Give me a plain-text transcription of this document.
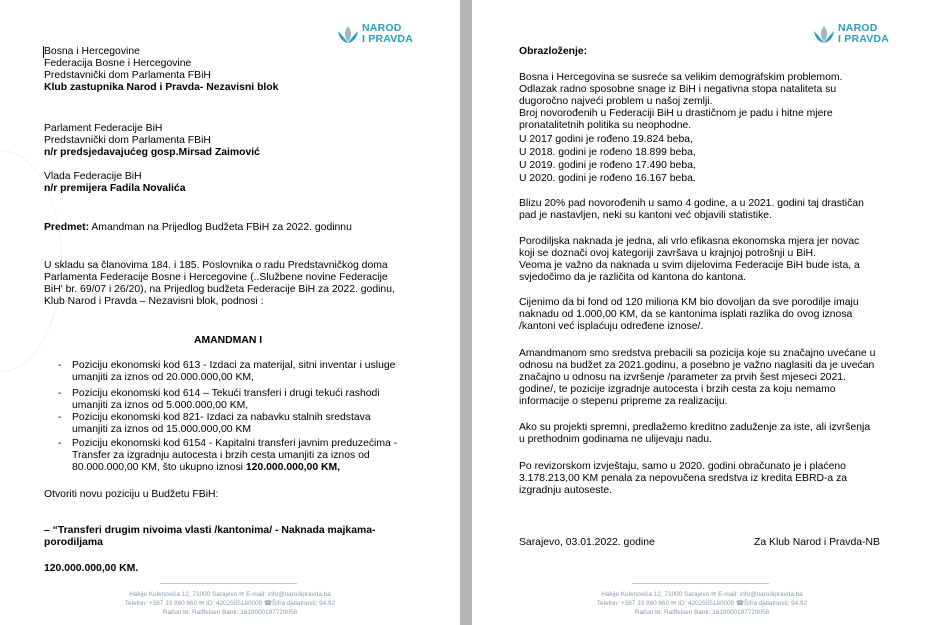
NAROD
I PRAVDA
Bosna i Hercegovine
Federacija Bosne i Hercegovine
Predstavnički dom Parlamenta FBiH
Klub zastupnika Narod i Pravda- Nezavisni blok
Parlament Federacije BiH
Predstavnički dom Parlamenta FBiH
n/r predsjedavajućeg gosp.Mirsad Zaimović
Vlada Federacije BiH
n/r premijera Fadila Novalića
Predmet: Amandman na Prijedlog Budžeta FBiH za 2022. godinnu
U skladu sa članovima 184. i 185. Poslovnika o radu Predstavničkog doma
Parlamenta Federacije Bosne i Hercegovine (..Službene novine Federacije
BiH' br. 69/07 i 26/20), na Prijedlog budžeta Federacije BiH za 2022. godinu,
Klub Narod i Pravda – Nezavisni blok, podnosi :
AMANDMAN I
- Poziciju ekonomski kod 613 - Izdaci za materijal, sitni inventar i usluge
umanjiti za iznos od 20.000.000,00 KM,
- Poziciju ekonomski kod 614 – Tekući transferi i drugi tekući rashodi
umanjiti za iznos od 5.000.000,00 KM,
- Poziciju ekonomski kod 821- Izdaci za nabavku stalnih sredstava
umanjiti za iznos od 15.000.000,00 KM
- Poziciju ekonomski kod 6154 - Kapitalni transferi javnim preduzećima -
Transfer za izgradnju autocesta i brzih cesta umanjiti za iznos od
80.000.000,00 KM, što ukupno iznosi 120.000.000,00 KM,
Otvoriti novu poziciju u Budžetu FBiH:
– “Transferi drugim nivoima vlasti /kantonima/ - Naknada majkama-
porodiljama
120.000.000,00 KM.
Hakije Kulenovića 12, 71000 Sarajevo ✉ E-mail: info@narodipravda.ba
Telefon: +387 33 860 860 ✉ ID: 4202505180000 ☎Šifra djelatnosti: 94.92
Račun br. Raiffeisen Bank: 1610000197720058
NAROD
I PRAVDA
Obrazloženje:
Bosna i Hercegovina se susreće sa velikim demografskim problemom.
Odlazak radno sposobne snage iz BiH i negativna stopa nataliteta su
dugoročno najveći problem u našoj zemlji.
Broj novorođenih u Federaciji BiH u drastičnom je padu i hitne mjere
pronatalitetnih politika su neophodne.
U 2017 godini je rođeno 19.824 beba,
U 2018. godini je rođeno 18.899 beba,
U 2019. godini je rođeno 17.490 beba,
U 2020. godini je rođeno 16.167 beba.
Blizu 20% pad novorođenih u samo 4 godine, a u 2021. godini taj drastičan
pad je nastavljen, neki su kantoni već objavili statistike.
Porodiljska naknada je jedna, ali vrlo efikasna ekonomska mjera jer novac
koji se doznači ovoj kategoriji završava u krajnjoj potrošnji u BiH.
Veoma je važno da naknada u svim dijelovima Federacije BiH bude ista, a
svjedočimo da je različita od kantona do kantona.
Cijenimo da bi fond od 120 miliona KM bio dovoljan da sve porodilje imaju
naknadu od 1.000,00 KM, da se kantonima isplati razlika do ovog iznosa
/kantoni već isplaćuju određene iznose/.
Amandmanom smo sredstva prebacili sa pozicija koje su značajno uvećane u
odnosu na budžet za 2021.godinu, a posebno je važno naglasiti da je uvećan
značajno u odnosu na izvršenje /parameter za prvih šest mjeseci 2021.
godine/, te pozicije izgradnje autocesta i brzih cesta za koju nemamo
informacije o stepenu pripreme za realizaciju.
Ako su projekti spremni, predlažemo kreditno zaduženje za iste, ali izvršenja
u prethodnim godinama ne ulijevaju nadu.
Po revizorskom izvještaju, samo u 2020. godini obračunato je i plaćeno
3.178.213,00 KM penala za nepovučena sredstva iz kredita EBRD-a za
izgradnju autoseste.
Sarajevo, 03.01.2022. godine	Za Klub Narod i Pravda-NB
Hakije Kulenovića 12, 71000 Sarajevo ✉ E-mail: info@narodipravda.ba
Telefon: +387 33 860 860 ✉ ID: 4202505180000 ☎Šifra djelatnosti: 94.92
Račun br. Raiffeisen Bank: 1610000197720058
